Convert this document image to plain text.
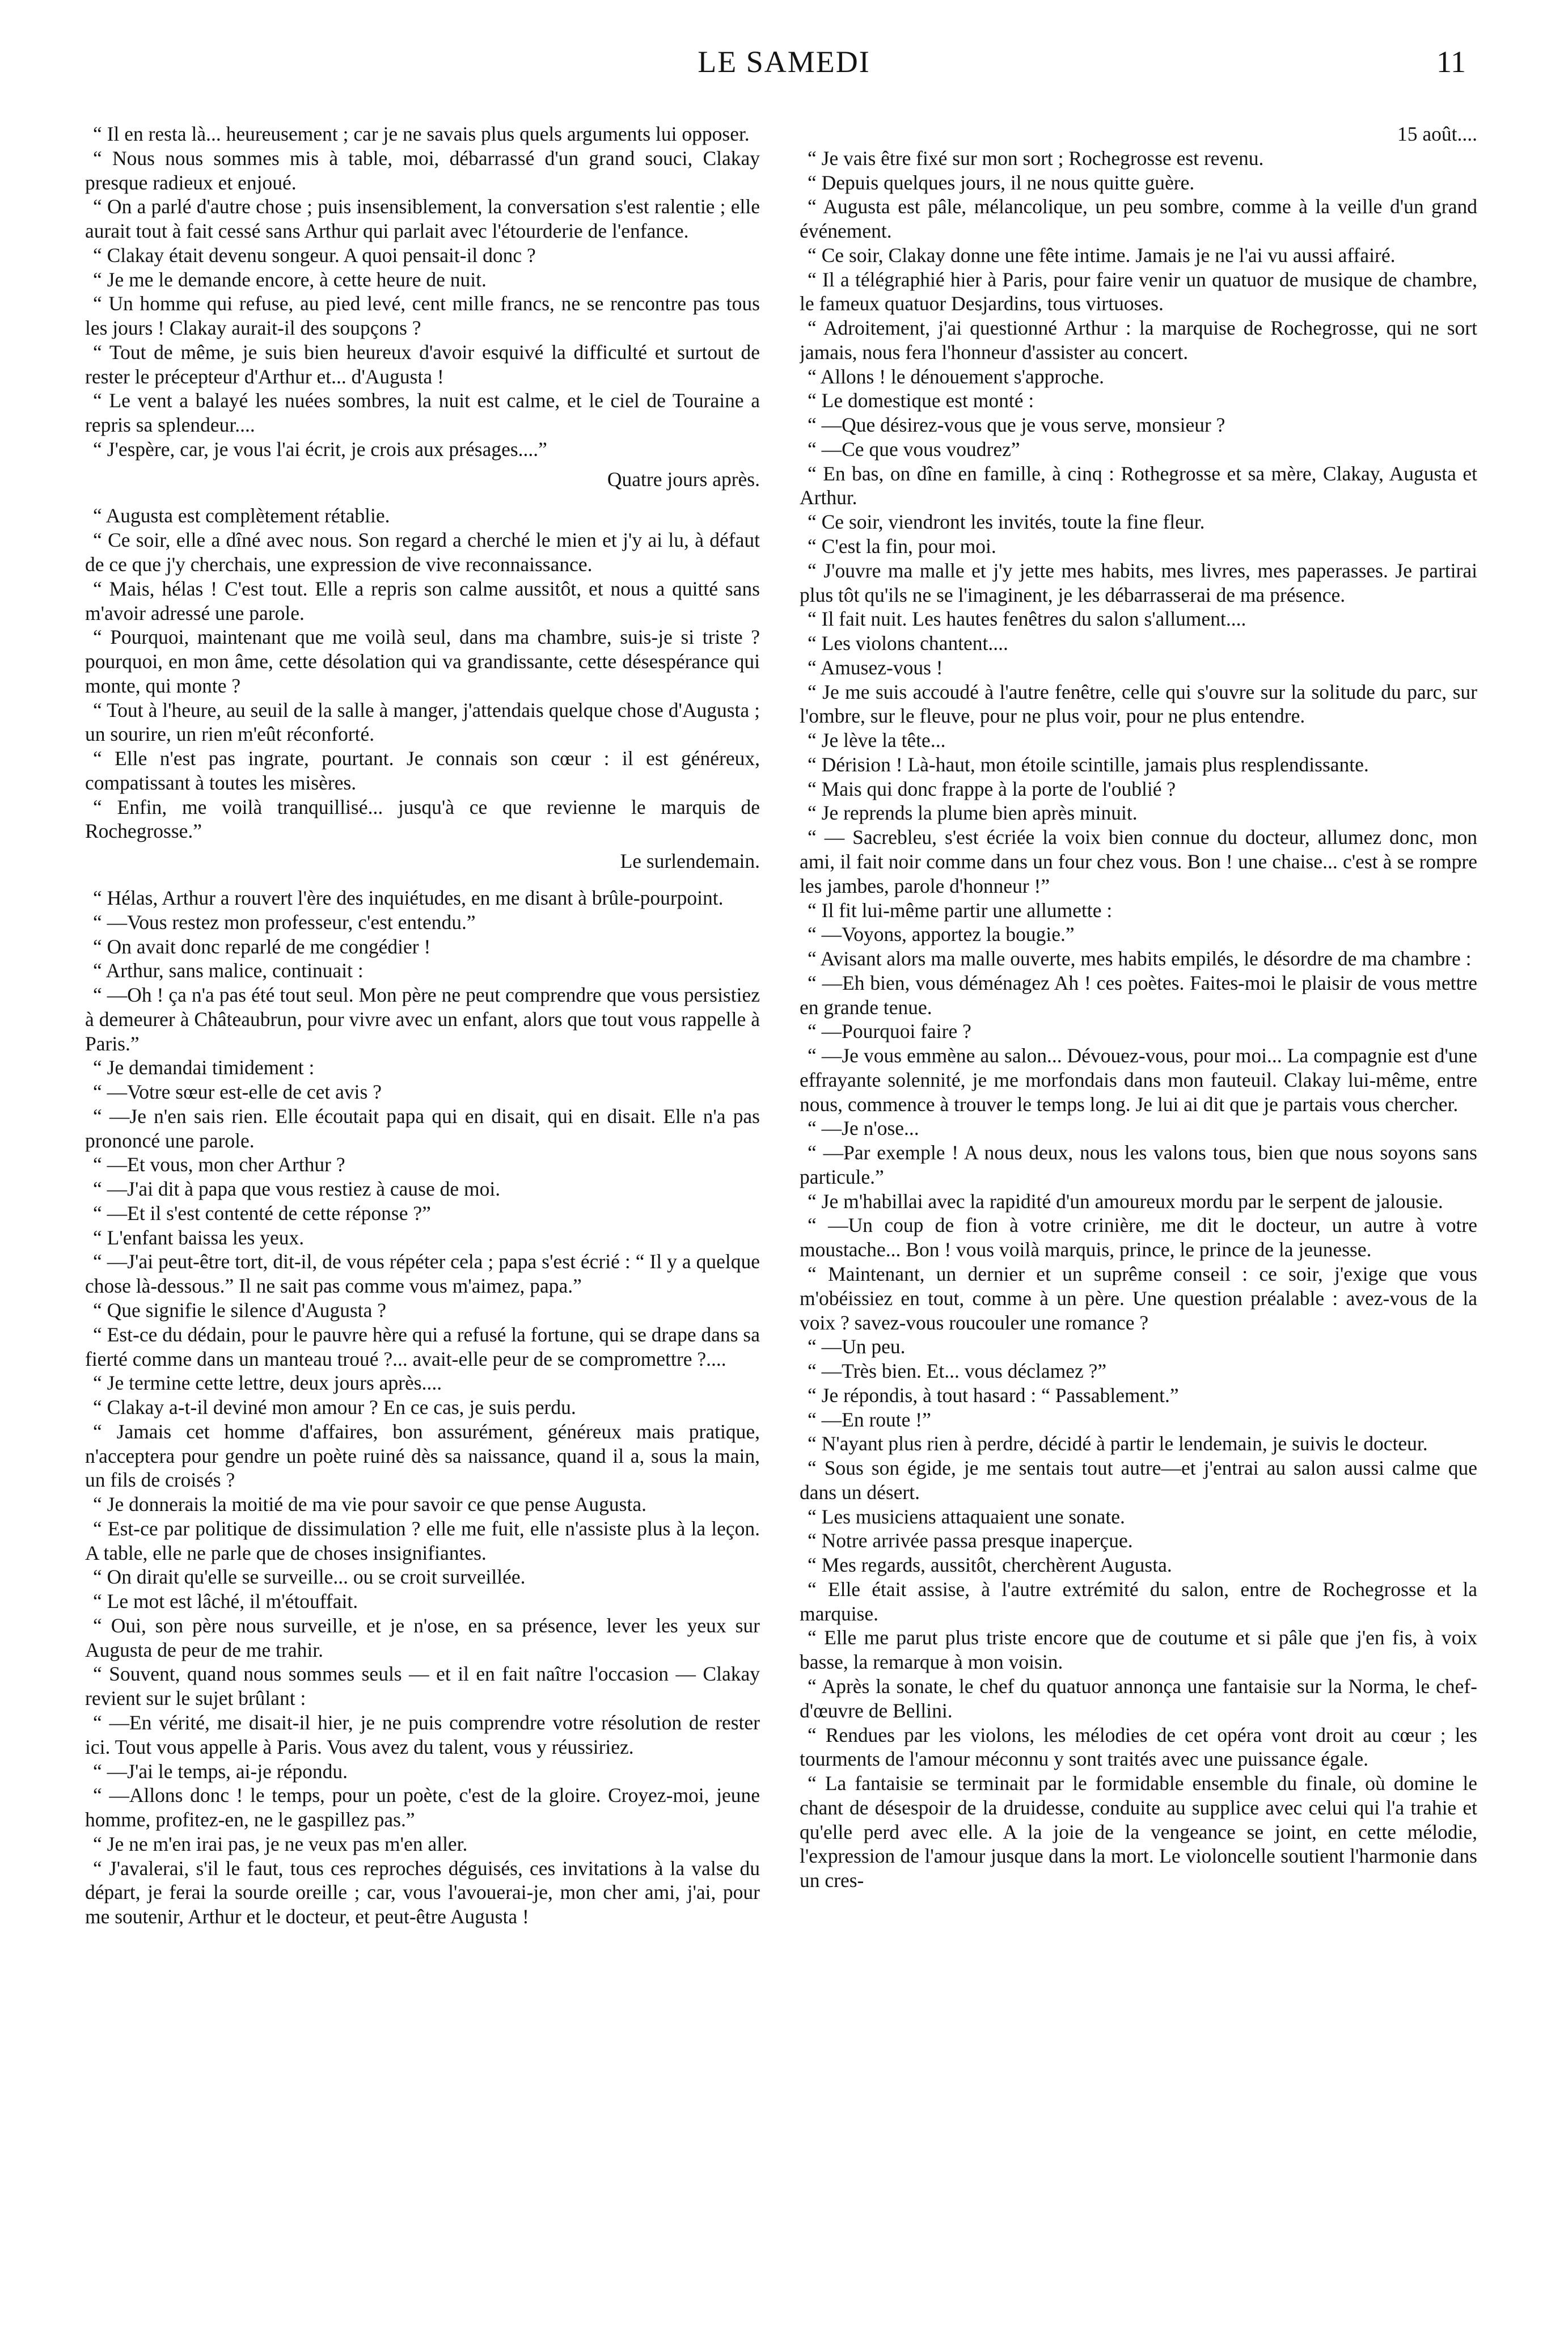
LE SAMEDI	11

“ Il en resta là... heureusement ; car je ne savais plus quels arguments lui opposer.

“ Nous nous sommes mis à table, moi, débarrassé d'un grand souci, Clakay presque radieux et enjoué.

“ On a parlé d'autre chose ; puis insensiblement, la conversation s'est ralentie ; elle aurait tout à fait cessé sans Arthur qui parlait avec l'étourderie de l'enfance.

“ Clakay était devenu songeur. A quoi pensait-il donc ?

“ Je me le demande encore, à cette heure de nuit.

“ Un homme qui refuse, au pied levé, cent mille francs, ne se rencontre pas tous les jours ! Clakay aurait-il des soupçons ?

“ Tout de même, je suis bien heureux d'avoir esquivé la difficulté et surtout de rester le précepteur d'Arthur et... d'Augusta !

“ Le vent a balayé les nuées sombres, la nuit est calme, et le ciel de Touraine a repris sa splendeur....

“ J'espère, car, je vous l'ai écrit, je crois aux présages....”

Quatre jours après.

“ Augusta est complètement rétablie.

“ Ce soir, elle a dîné avec nous. Son regard a cherché le mien et j'y ai lu, à défaut de ce que j'y cherchais, une expression de vive reconnaissance.

“ Mais, hélas ! C'est tout. Elle a repris son calme aussitôt, et nous a quitté sans m'avoir adressé une parole.

“ Pourquoi, maintenant que me voilà seul, dans ma chambre, suis-je si triste ? pourquoi, en mon âme, cette désolation qui va grandissante, cette désespérance qui monte, qui monte ?

“ Tout à l'heure, au seuil de la salle à manger, j'attendais quelque chose d'Augusta ; un sourire, un rien m'eût réconforté.

“ Elle n'est pas ingrate, pourtant. Je connais son cœur : il est généreux, compatissant à toutes les misères.

“ Enfin, me voilà tranquillisé... jusqu'à ce que revienne le marquis de Rochegrosse.”

Le surlendemain.

“ Hélas, Arthur a rouvert l'ère des inquiétudes, en me disant à brûle-pourpoint.

“ —Vous restez mon professeur, c'est entendu.”

“ On avait donc reparlé de me congédier !

“ Arthur, sans malice, continuait :

“ —Oh ! ça n'a pas été tout seul. Mon père ne peut comprendre que vous persistiez à demeurer à Châteaubrun, pour vivre avec un enfant, alors que tout vous rappelle à Paris.”

“ Je demandai timidement :

“ —Votre sœur est-elle de cet avis ?

“ —Je n'en sais rien. Elle écoutait papa qui en disait, qui en disait. Elle n'a pas prononcé une parole.

“ —Et vous, mon cher Arthur ?

“ —J'ai dit à papa que vous restiez à cause de moi.

“ —Et il s'est contenté de cette réponse ?”

“ L'enfant baissa les yeux.

“ —J'ai peut-être tort, dit-il, de vous répéter cela ; papa s'est écrié : “ Il y a quelque chose là-dessous.” Il ne sait pas comme vous m'aimez, papa.”

“ Que signifie le silence d'Augusta ?

“ Est-ce du dédain, pour le pauvre hère qui a refusé la fortune, qui se drape dans sa fierté comme dans un manteau troué ?... avait-elle peur de se compromettre ?....

“ Je termine cette lettre, deux jours après....

“ Clakay a-t-il deviné mon amour ? En ce cas, je suis perdu.

“ Jamais cet homme d'affaires, bon assurément, généreux mais pratique, n'acceptera pour gendre un poète ruiné dès sa naissance, quand il a, sous la main, un fils de croisés ?

“ Je donnerais la moitié de ma vie pour savoir ce que pense Augusta.

“ Est-ce par politique de dissimulation ? elle me fuit, elle n'assiste plus à la leçon. A table, elle ne parle que de choses insignifiantes.

“ On dirait qu'elle se surveille... ou se croit surveillée.

“ Le mot est lâché, il m'étouffait.

“ Oui, son père nous surveille, et je n'ose, en sa présence, lever les yeux sur Augusta de peur de me trahir.

“ Souvent, quand nous sommes seuls — et il en fait naître l'occasion — Clakay revient sur le sujet brûlant :

“ —En vérité, me disait-il hier, je ne puis comprendre votre résolution de rester ici. Tout vous appelle à Paris. Vous avez du talent, vous y réussiriez.

“ —J'ai le temps, ai-je répondu.

“ —Allons donc ! le temps, pour un poète, c'est de la gloire. Croyez-moi, jeune homme, profitez-en, ne le gaspillez pas.”

“ Je ne m'en irai pas, je ne veux pas m'en aller.

“ J'avalerai, s'il le faut, tous ces reproches déguisés, ces invitations à la valse du départ, je ferai la sourde oreille ; car, vous l'avouerai-je, mon cher ami, j'ai, pour me soutenir, Arthur et le docteur, et peut-être Augusta !

15 août....

“ Je vais être fixé sur mon sort ; Rochegrosse est revenu.

“ Depuis quelques jours, il ne nous quitte guère.

“ Augusta est pâle, mélancolique, un peu sombre, comme à la veille d'un grand événement.

“ Ce soir, Clakay donne une fête intime. Jamais je ne l'ai vu aussi affairé.

“ Il a télégraphié hier à Paris, pour faire venir un quatuor de musique de chambre, le fameux quatuor Desjardins, tous virtuoses.

“ Adroitement, j'ai questionné Arthur : la marquise de Rochegrosse, qui ne sort jamais, nous fera l'honneur d'assister au concert.

“ Allons ! le dénouement s'approche.

“ Le domestique est monté :

“ —Que désirez-vous que je vous serve, monsieur ?

“ —Ce que vous voudrez”

“ En bas, on dîne en famille, à cinq : Rothegrosse et sa mère, Clakay, Augusta et Arthur.

“ Ce soir, viendront les invités, toute la fine fleur.

“ C'est la fin, pour moi.

“ J'ouvre ma malle et j'y jette mes habits, mes livres, mes paperasses. Je partirai plus tôt qu'ils ne se l'imaginent, je les débarrasserai de ma présence.

“ Il fait nuit. Les hautes fenêtres du salon s'allument....

“ Les violons chantent....

“ Amusez-vous !

“ Je me suis accoudé à l'autre fenêtre, celle qui s'ouvre sur la solitude du parc, sur l'ombre, sur le fleuve, pour ne plus voir, pour ne plus entendre.

“ Je lève la tête...

“ Dérision ! Là-haut, mon étoile scintille, jamais plus resplendissante.

“ Mais qui donc frappe à la porte de l'oublié ?

“ Je reprends la plume bien après minuit.

“ — Sacrebleu, s'est écriée la voix bien connue du docteur, allumez donc, mon ami, il fait noir comme dans un four chez vous. Bon ! une chaise... c'est à se rompre les jambes, parole d'honneur !”

“ Il fit lui-même partir une allumette :

“ —Voyons, apportez la bougie.”

“ Avisant alors ma malle ouverte, mes habits empilés, le désordre de ma chambre :

“ —Eh bien, vous déménagez Ah ! ces poètes. Faites-moi le plaisir de vous mettre en grande tenue.

“ —Pourquoi faire ?

“ —Je vous emmène au salon... Dévouez-vous, pour moi... La compagnie est d'une effrayante solennité, je me morfondais dans mon fauteuil. Clakay lui-même, entre nous, commence à trouver le temps long. Je lui ai dit que je partais vous chercher.

“ —Je n'ose...

“ —Par exemple ! A nous deux, nous les valons tous, bien que nous soyons sans particule.”

“ Je m'habillai avec la rapidité d'un amoureux mordu par le serpent de jalousie.

“ —Un coup de fion à votre crinière, me dit le docteur, un autre à votre moustache... Bon ! vous voilà marquis, prince, le prince de la jeunesse.

“ Maintenant, un dernier et un suprême conseil : ce soir, j'exige que vous m'obéissiez en tout, comme à un père. Une question préalable : avez-vous de la voix ? savez-vous roucouler une romance ?

“ —Un peu.

“ —Très bien. Et... vous déclamez ?”

“ Je répondis, à tout hasard : “ Passablement.”

“ —En route !”

“ N'ayant plus rien à perdre, décidé à partir le lendemain, je suivis le docteur.

“ Sous son égide, je me sentais tout autre—et j'entrai au salon aussi calme que dans un désert.

“ Les musiciens attaquaient une sonate.

“ Notre arrivée passa presque inaperçue.

“ Mes regards, aussitôt, cherchèrent Augusta.

“ Elle était assise, à l'autre extrémité du salon, entre de Rochegrosse et la marquise.

“ Elle me parut plus triste encore que de coutume et si pâle que j'en fis, à voix basse, la remarque à mon voisin.

“ Après la sonate, le chef du quatuor annonça une fantaisie sur la Norma, le chef-d'œuvre de Bellini.

“ Rendues par les violons, les mélodies de cet opéra vont droit au cœur ; les tourments de l'amour méconnu y sont traités avec une puissance égale.

“ La fantaisie se terminait par le formidable ensemble du finale, où domine le chant de désespoir de la druidesse, conduite au supplice avec celui qui l'a trahie et qu'elle perd avec elle. A la joie de la vengeance se joint, en cette mélodie, l'expression de l'amour jusque dans la mort. Le violoncelle soutient l'harmonie dans un cres-
